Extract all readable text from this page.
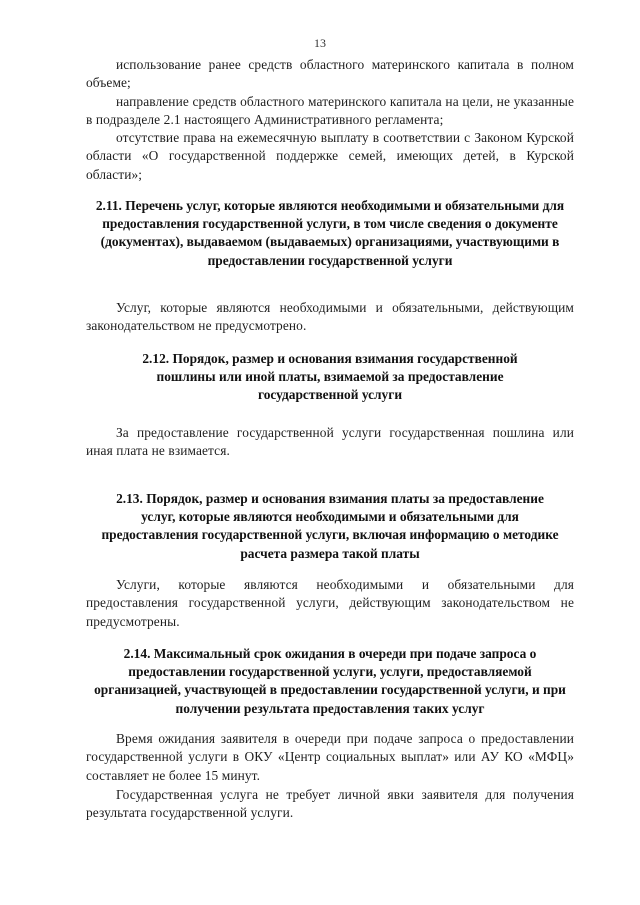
13
использование ранее средств областного материнского капитала в полном объеме;
направление средств областного материнского капитала на цели, не указанные в подразделе 2.1 настоящего Административного регламента;
отсутствие права на ежемесячную выплату в соответствии с Законом Курской области «О государственной поддержке семей, имеющих детей, в Курской области»;
2.11. Перечень услуг, которые являются необходимыми и обязательными для предоставления государственной услуги, в том числе сведения о документе (документах), выдаваемом (выдаваемых) организациями, участвующими в предоставлении государственной услуги
Услуг, которые являются необходимыми и обязательными, действующим законодательством не предусмотрено.
2.12. Порядок, размер и основания взимания государственной пошлины или иной платы, взимаемой за предоставление государственной услуги
За предоставление государственной услуги государственная пошлина или иная плата не взимается.
2.13. Порядок, размер и основания взимания платы за предоставление услуг, которые являются необходимыми и обязательными для предоставления государственной услуги, включая информацию о методике расчета размера такой платы
Услуги, которые являются необходимыми и обязательными для предоставления государственной услуги, действующим законодательством не предусмотрены.
2.14. Максимальный срок ожидания в очереди при подаче запроса о предоставлении государственной услуги, услуги, предоставляемой организацией, участвующей в предоставлении государственной услуги, и при получении результата предоставления таких услуг
Время ожидания заявителя в очереди при подаче запроса о предоставлении государственной услуги в ОКУ «Центр социальных выплат» или АУ КО «МФЦ» составляет не более 15 минут.
Государственная услуга не требует личной явки заявителя для получения результата государственной услуги.
